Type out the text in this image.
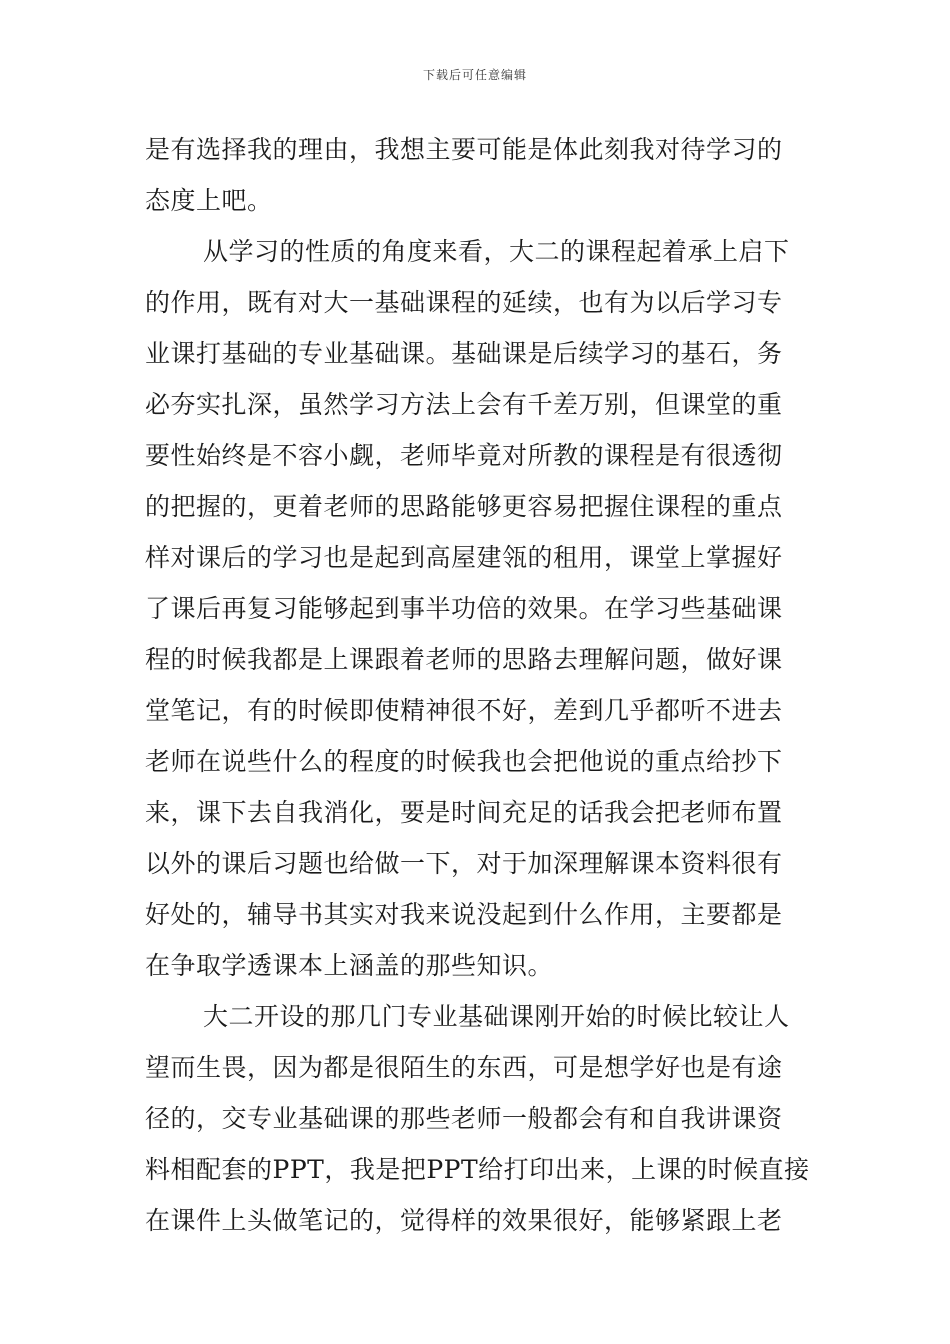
下载后可任意编辑
是有选择我的理由，我想主要可能是体此刻我对待学习的
态度上吧。
从学习的性质的角度来看，大二的课程起着承上启下
的作用，既有对大一基础课程的延续，也有为以后学习专
业课打基础的专业基础课。基础课是后续学习的基石，务
必夯实扎深，虽然学习方法上会有千差万别，但课堂的重
要性始终是不容小觑，老师毕竟对所教的课程是有很透彻
的把握的，更着老师的思路能够更容易把握住课程的重点
样对课后的学习也是起到高屋建瓴的租用，课堂上掌握好
了课后再复习能够起到事半功倍的效果。在学习些基础课
程的时候我都是上课跟着老师的思路去理解问题，做好课
堂笔记，有的时候即使精神很不好，差到几乎都听不进去
老师在说些什么的程度的时候我也会把他说的重点给抄下
来，课下去自我消化，要是时间充足的话我会把老师布置
以外的课后习题也给做一下，对于加深理解课本资料很有
好处的，辅导书其实对我来说没起到什么作用，主要都是
在争取学透课本上涵盖的那些知识。
大二开设的那几门专业基础课刚开始的时候比较让人
望而生畏，因为都是很陌生的东西，可是想学好也是有途
径的，交专业基础课的那些老师一般都会有和自我讲课资
料相配套的PPT，我是把PPT给打印出来，上课的时候直接
在课件上头做笔记的，觉得样的效果很好，能够紧跟上老
